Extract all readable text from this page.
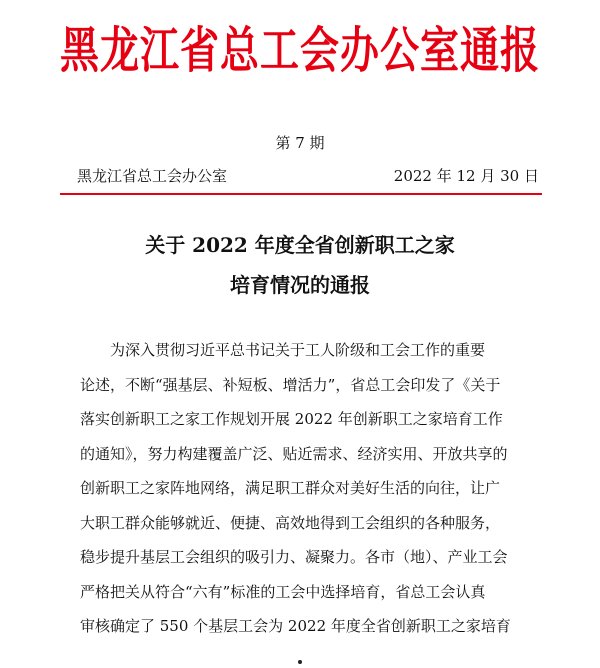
黑龙江省总工会办公室通报
第 7 期
黑龙江省总工会办公室	2022 年 12 月 30 日
关于 2022 年度全省创新职工之家
培育情况的通报
　　为深入贯彻习近平总书记关于工人阶级和工会工作的重要
论述，不断“强基层、补短板、增活力”，省总工会印发了《关于
落实创新职工之家工作规划开展 2022 年创新职工之家培育工作
的通知》，努力构建覆盖广泛、贴近需求、经济实用、开放共享的
创新职工之家阵地网络，满足职工群众对美好生活的向往，让广
大职工群众能够就近、便捷、高效地得到工会组织的各种服务，
稳步提升基层工会组织的吸引力、凝聚力。各市（地）、产业工会
严格把关从符合“六有”标准的工会中选择培育，省总工会认真
审核确定了 550 个基层工会为 2022 年度全省创新职工之家培育
